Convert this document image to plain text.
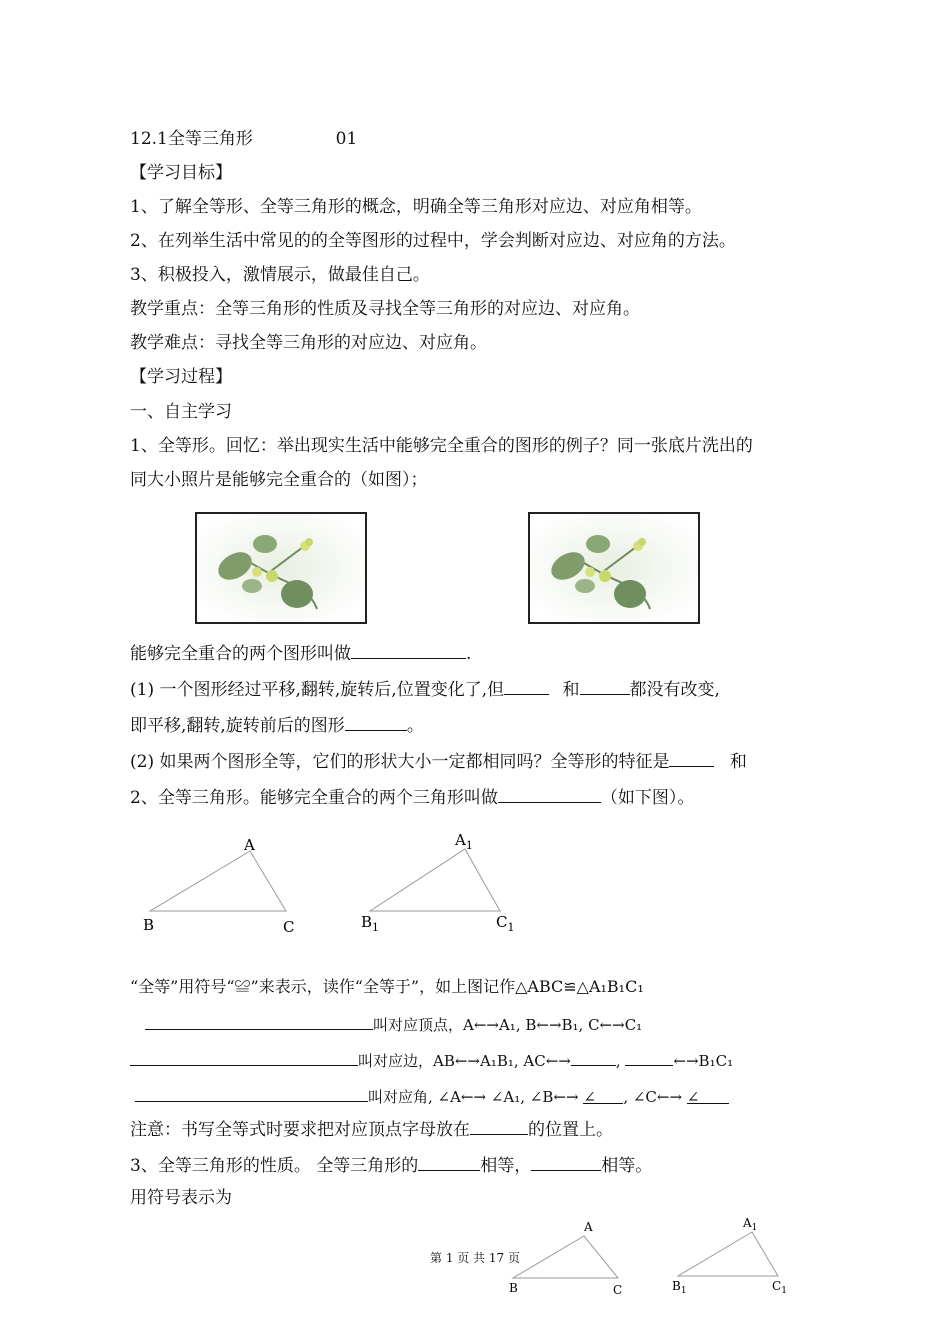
12.1全等三角形	01
【学习目标】
1、了解全等形、全等三角形的概念，明确全等三角形对应边、对应角相等。
2、在列举生活中常见的的全等图形的过程中，学会判断对应边、对应角的方法。
3、积极投入，激情展示，做最佳自己。
教学重点：全等三角形的性质及寻找全等三角形的对应边、对应角。
教学难点：寻找全等三角形的对应边、对应角。
【学习过程】
一、自主学习
1、全等形。回忆：举出现实生活中能够完全重合的图形的例子？同一张底片洗出的
同大小照片是能够完全重合的（如图）；
能够完全重合的两个图形叫做	.
(1) 一个图形经过平移,翻转,旋转后,位置变化了,但	和	都没有改变,
即平移,翻转,旋转前后的图形	。
(2) 如果两个图形全等，它们的形状大小一定都相同吗？全等形的特征是	和
2、全等三角形。能够完全重合的两个三角形叫做	（如下图）。
A
B	C
$A_1$
$B_1$	$C_1$
“全等”用符号“≌”来表示，读作“全等于”，如上图记作△ABC≌△A₁B₁C₁
叫对应顶点，A←→A₁, B←→B₁, C←→C₁
叫对应边，AB←→A₁B₁, AC←→	,	←→B₁C₁
叫对应角, ∠A←→ ∠A₁, ∠B←→ ∠ , ∠C←→ ∠
注意：书写全等式时要求把对应顶点字母放在	的位置上。
3、全等三角形的性质。 全等三角形的	相等，	相等。
用符号表示为
A
B	C
$A_1$
$B_1$	$C_1$
第 1 页 共 17 页
